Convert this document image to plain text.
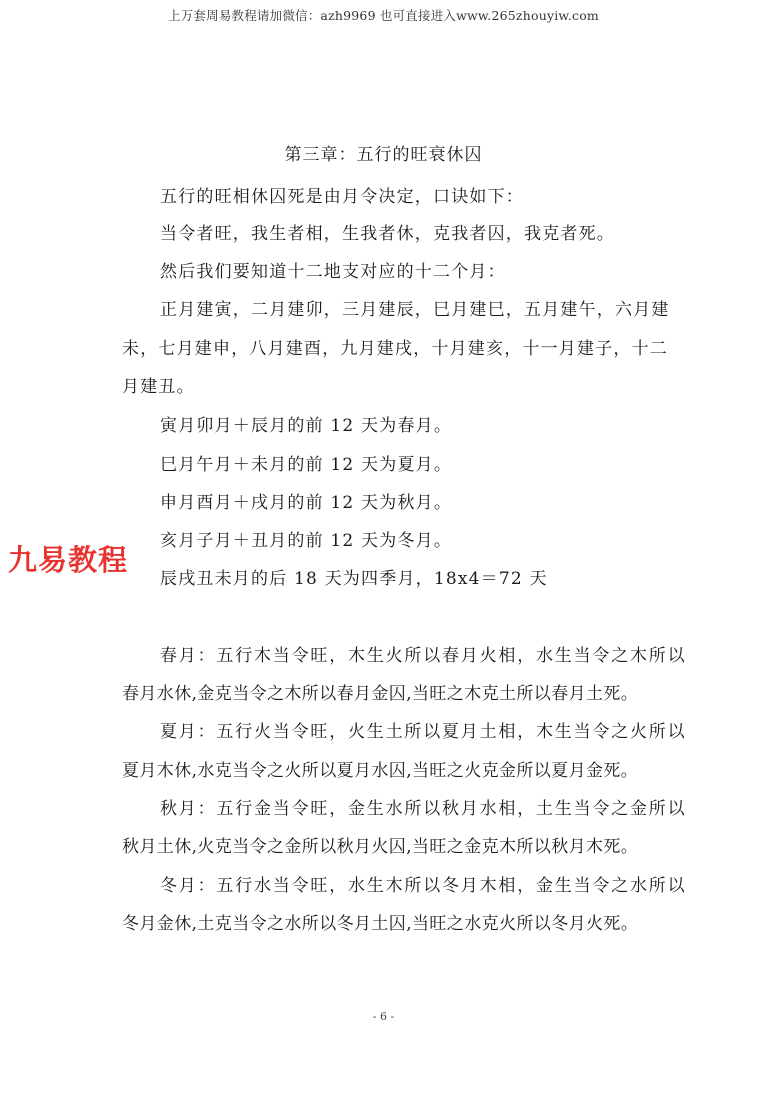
上万套周易教程请加微信：azh9969 也可直接进入www.265zhouyiw.com
第三章：五行的旺衰休囚
五行的旺相休囚死是由月令决定，口诀如下：
当令者旺，我生者相，生我者休，克我者囚，我克者死。
然后我们要知道十二地支对应的十二个月：
正月建寅，二月建卯，三月建辰，巳月建巳，五月建午，六月建
未，七月建申，八月建酉，九月建戌，十月建亥，十一月建子，十二
月建丑。
寅月卯月＋辰月的前 12 天为春月。
巳月午月＋未月的前 12 天为夏月。
申月酉月＋戌月的前 12 天为秋月。
亥月子月＋丑月的前 12 天为冬月。
辰戌丑未月的后 18 天为四季月，18x4＝72 天
九易教程
春月：五行木当令旺，木生火所以春月火相，水生当令之木所以
春月水休,金克当令之木所以春月金囚,当旺之木克土所以春月土死。
夏月：五行火当令旺，火生土所以夏月土相，木生当令之火所以
夏月木休,水克当令之火所以夏月水囚,当旺之火克金所以夏月金死。
秋月：五行金当令旺，金生水所以秋月水相，土生当令之金所以
秋月土休,火克当令之金所以秋月火囚,当旺之金克木所以秋月木死。
冬月：五行水当令旺，水生木所以冬月木相，金生当令之水所以
冬月金休,土克当令之水所以冬月土囚,当旺之水克火所以冬月火死。
- 6 -
